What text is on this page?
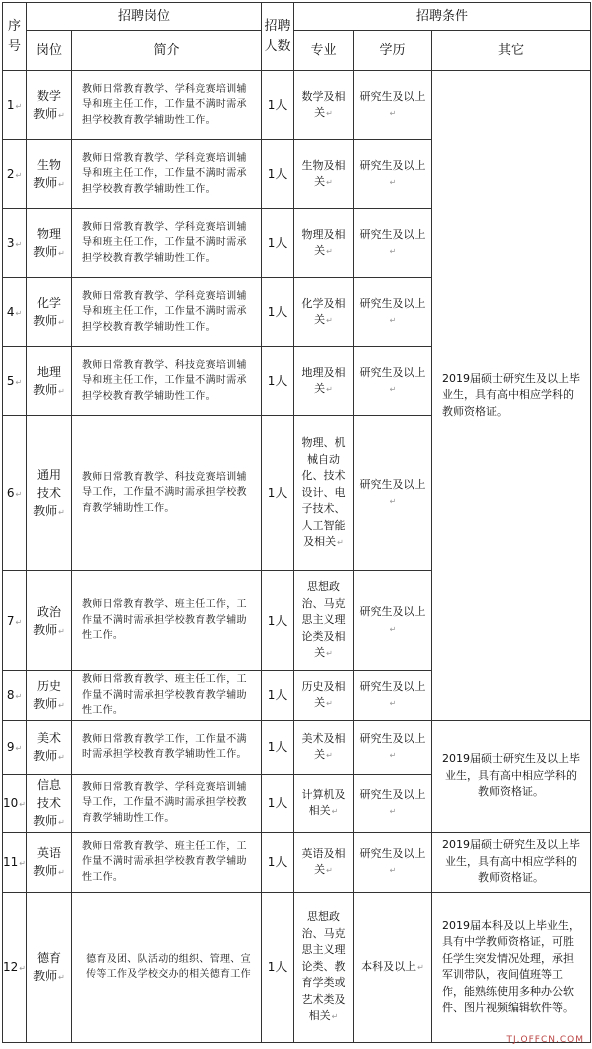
序号	招聘岗位		招聘人数	招聘条件		
	岗位	简介		专业	学历	其它
1↵	数学教师↵	教师日常教育教学、学科竞赛培训辅导和班主任工作，工作量不满时需承担学校教育教学辅助性工作。	1人	数学及相关↵	研究生及以上↵	2019届硕士研究生及以上毕业生，具有高中相应学科的教师资格证。
2↵	生物教师↵	教师日常教育教学、学科竞赛培训辅导和班主任工作，工作量不满时需承担学校教育教学辅助性工作。	1人	生物及相关↵	研究生及以上↵	
3↵	物理教师↵	教师日常教育教学、学科竞赛培训辅导和班主任工作，工作量不满时需承担学校教育教学辅助性工作。	1人	物理及相关↵	研究生及以上↵	
4↵	化学教师↵	教师日常教育教学、学科竞赛培训辅导和班主任工作，工作量不满时需承担学校教育教学辅助性工作。	1人	化学及相关↵	研究生及以上↵	
5↵	地理教师↵	教师日常教育教学、科技竞赛培训辅导和班主任工作，工作量不满时需承担学校教育教学辅助性工作。	1人	地理及相关↵	研究生及以上↵	
6↵	通用技术教师↵	教师日常教育教学、科技竞赛培训辅导工作，工作量不满时需承担学校教育教学辅助性工作。	1人	物理、机械自动化、技术设计、电子技术、人工智能及相关↵	研究生及以上↵	
7↵	政治教师↵	教师日常教育教学、班主任工作，工作量不满时需承担学校教育教学辅助性工作。	1人	思想政治、马克思主义理论类及相关↵	研究生及以上↵	
8↵	历史教师↵	教师日常教育教学、班主任工作，工作量不满时需承担学校教育教学辅助性工作。	1人	历史及相关↵	研究生及以上↵	
9↵	美术教师↵	教师日常教育教学工作，工作量不满时需承担学校教育教学辅助性工作。	1人	美术及相关↵	研究生及以上↵	2019届硕士研究生及以上毕业生，具有高中相应学科的教师资格证。
10↵	信息技术教师↵	教师日常教育教学、学科竞赛培训辅导工作，工作量不满时需承担学校教育教学辅助性工作。	1人	计算机及相关↵	研究生及以上↵	
11↵	英语教师↵	教师日常教育教学、班主任工作，工作量不满时需承担学校教育教学辅助性工作。	1人	英语及相关↵	研究生及以上↵	2019届硕士研究生及以上毕业生，具有高中相应学科的教师资格证。
12↵	德育教师↵	德育及团、队活动的组织、管理、宣传等工作及学校交办的相关德育工作	1人	思想政治、马克思主义理论类、教育学类或艺术类及相关↵	本科及以上↵	2019届本科及以上毕业生，具有中学教师资格证，可胜任学生突发情况处理，承担军训带队，夜间值班等工作，能熟练使用多种办公软件、图片视频编辑软件等。
TJ.OFFCN.COM
